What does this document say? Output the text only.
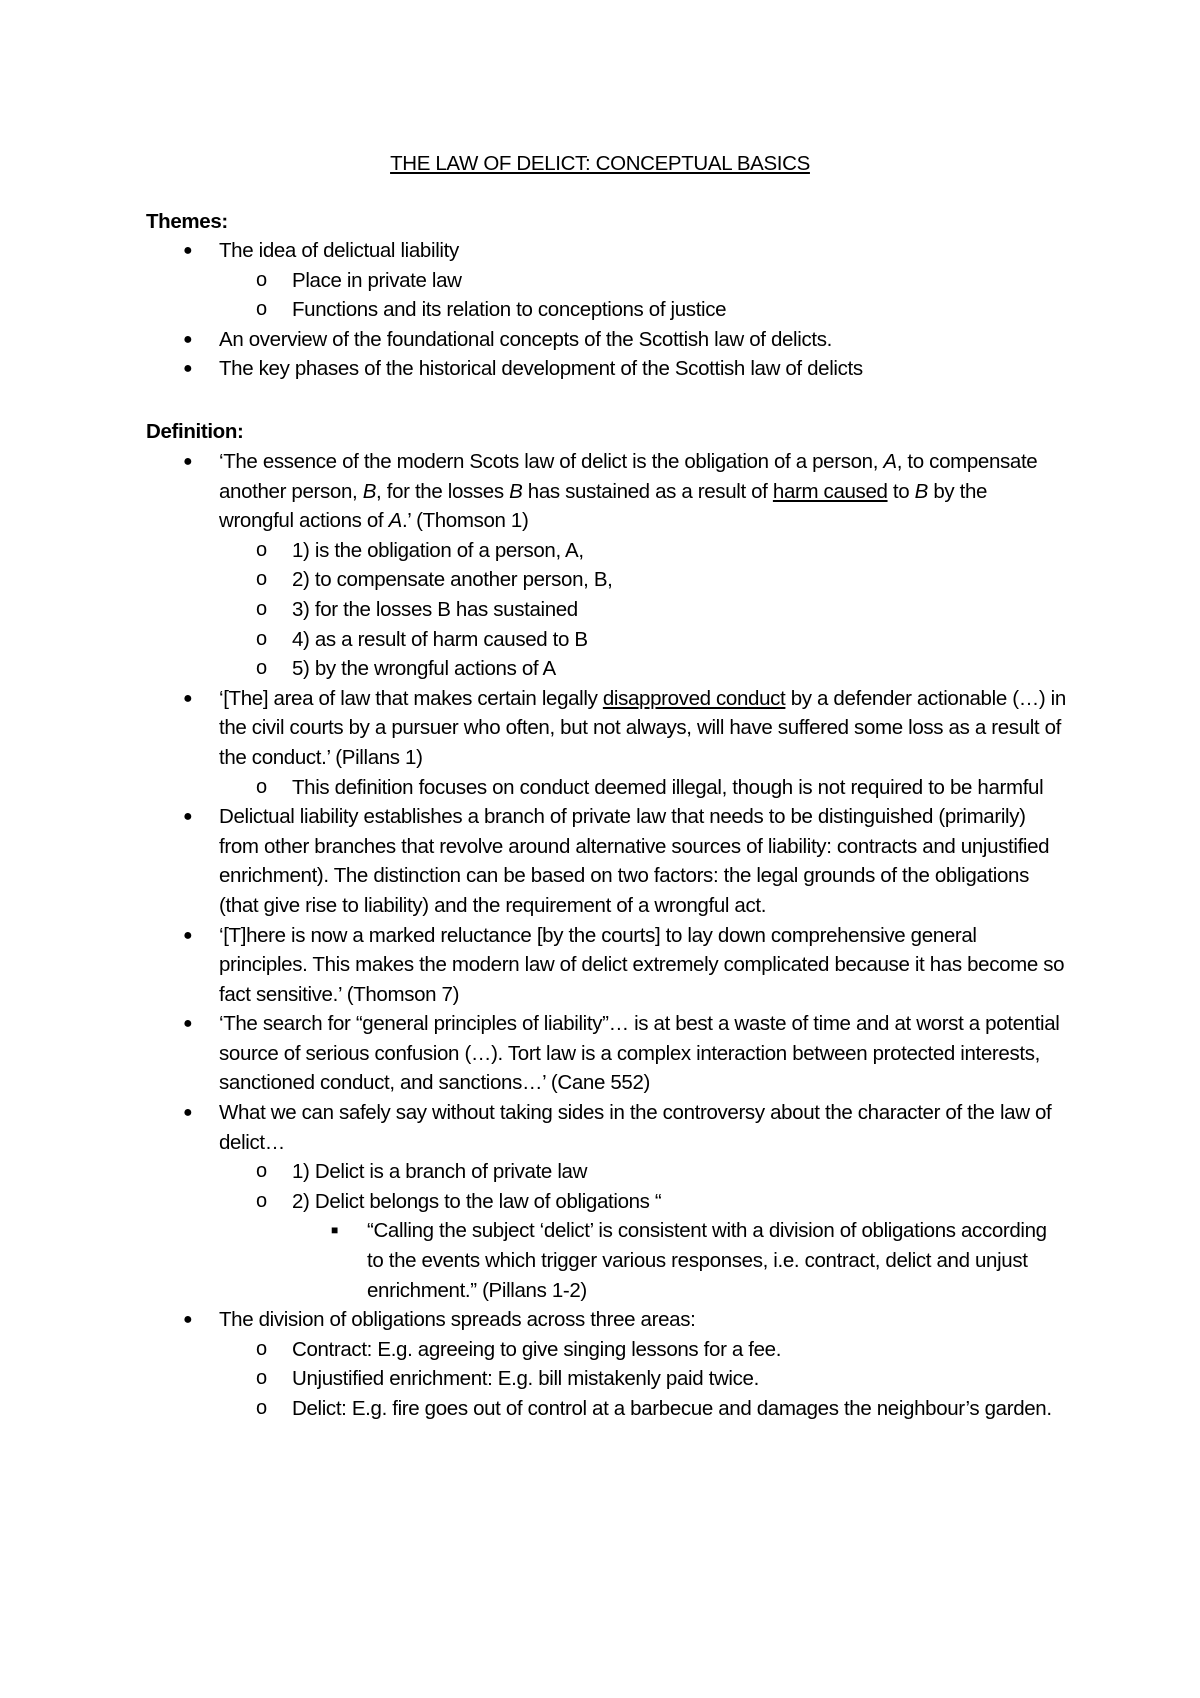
THE LAW OF DELICT: CONCEPTUAL BASICS
Themes:
● The idea of delictual liability
o Place in private law
o Functions and its relation to conceptions of justice
● An overview of the foundational concepts of the Scottish law of delicts.
● The key phases of the historical development of the Scottish law of delicts
Definition:
● ‘The essence of the modern Scots law of delict is the obligation of a person, A, to compensate another person, B, for the losses B has sustained as a result of harm caused to B by the wrongful actions of A.’ (Thomson 1)
o 1) is the obligation of a person, A,
o 2) to compensate another person, B,
o 3) for the losses B has sustained
o 4) as a result of harm caused to B
o 5) by the wrongful actions of A
● ‘[The] area of law that makes certain legally disapproved conduct by a defender actionable (…) in the civil courts by a pursuer who often, but not always, will have suffered some loss as a result of the conduct.’ (Pillans 1)
o This definition focuses on conduct deemed illegal, though is not required to be harmful
● Delictual liability establishes a branch of private law that needs to be distinguished (primarily) from other branches that revolve around alternative sources of liability: contracts and unjustified enrichment). The distinction can be based on two factors: the legal grounds of the obligations (that give rise to liability) and the requirement of a wrongful act.
● ‘[T]here is now a marked reluctance [by the courts] to lay down comprehensive general principles. This makes the modern law of delict extremely complicated because it has become so fact sensitive.’ (Thomson 7)
● ‘The search for “general principles of liability”… is at best a waste of time and at worst a potential source of serious confusion (…). Tort law is a complex interaction between protected interests, sanctioned conduct, and sanctions…’ (Cane 552)
● What we can safely say without taking sides in the controversy about the character of the law of delict…
o 1) Delict is a branch of private law
o 2) Delict belongs to the law of obligations “
■ “Calling the subject ‘delict’ is consistent with a division of obligations according to the events which trigger various responses, i.e. contract, delict and unjust enrichment.” (Pillans 1-2)
● The division of obligations spreads across three areas:
o Contract: E.g. agreeing to give singing lessons for a fee.
o Unjustified enrichment: E.g. bill mistakenly paid twice.
o Delict: E.g. fire goes out of control at a barbecue and damages the neighbour’s garden.
